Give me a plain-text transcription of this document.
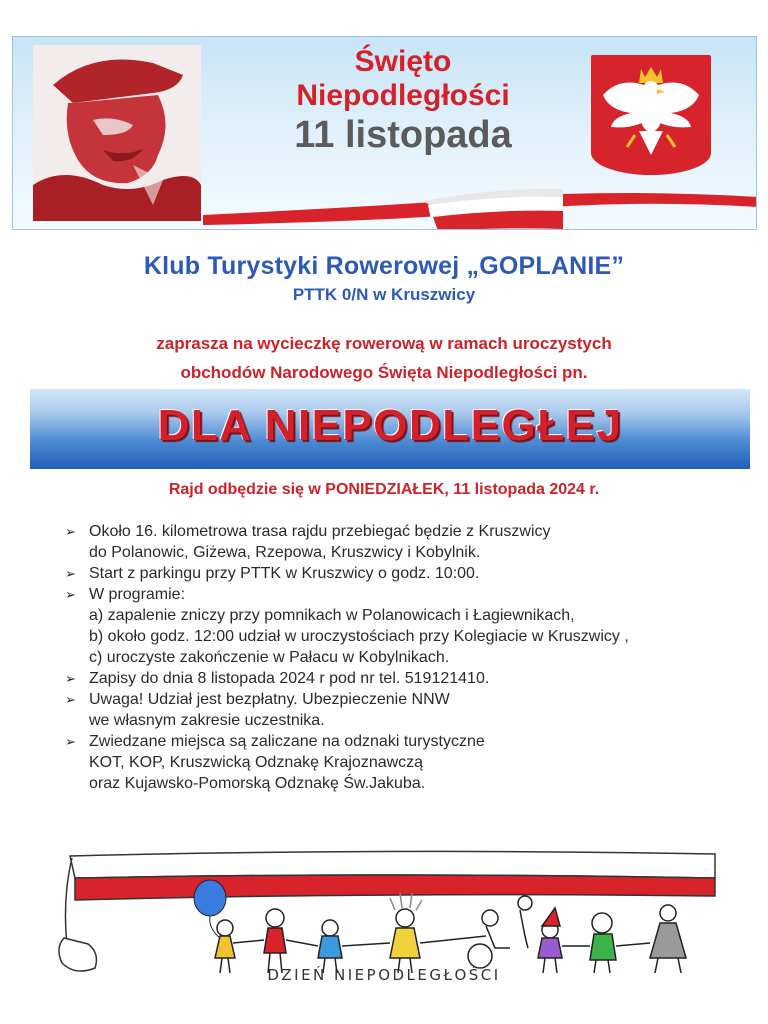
Święto
Niepodległości
11 listopada
Klub Turystyki Rowerowej „GOPLANIE”
PTTK 0/N w Kruszwicy
zaprasza na wycieczkę rowerową w ramach uroczystych
obchodów Narodowego Święta Niepodległości pn.
DLA NIEPODLEGŁEJ
Rajd odbędzie się w PONIEDZIAŁEK, 11 listopada 2024 r.
➢ Około 16. kilometrowa trasa rajdu przebiegać będzie z Kruszwicy
do Polanowic, Giżewa, Rzepowa, Kruszwicy i Kobylnik.
➢ Start z parkingu przy PTTK w Kruszwicy o godz. 10:00.
➢ W programie:
a) zapalenie zniczy przy pomnikach w Polanowicach i Łagiewnikach,
b) około godz. 12:00 udział w uroczystościach przy Kolegiacie w Kruszwicy ,
c) uroczyste zakończenie w Pałacu w Kobylnikach.
➢ Zapisy do dnia 8 listopada 2024 r pod nr tel. 519121410.
➢ Uwaga! Udział jest bezpłatny. Ubezpieczenie NNW
we własnym zakresie uczestnika.
➢ Zwiedzane miejsca są zaliczane na odznaki turystyczne
KOT, KOP, Kruszwicką Odznakę Krajoznawczą
oraz Kujawsko-Pomorską Odznakę Św.Jakuba.
DZIEŃ NIEPODLEGŁOŚCI
